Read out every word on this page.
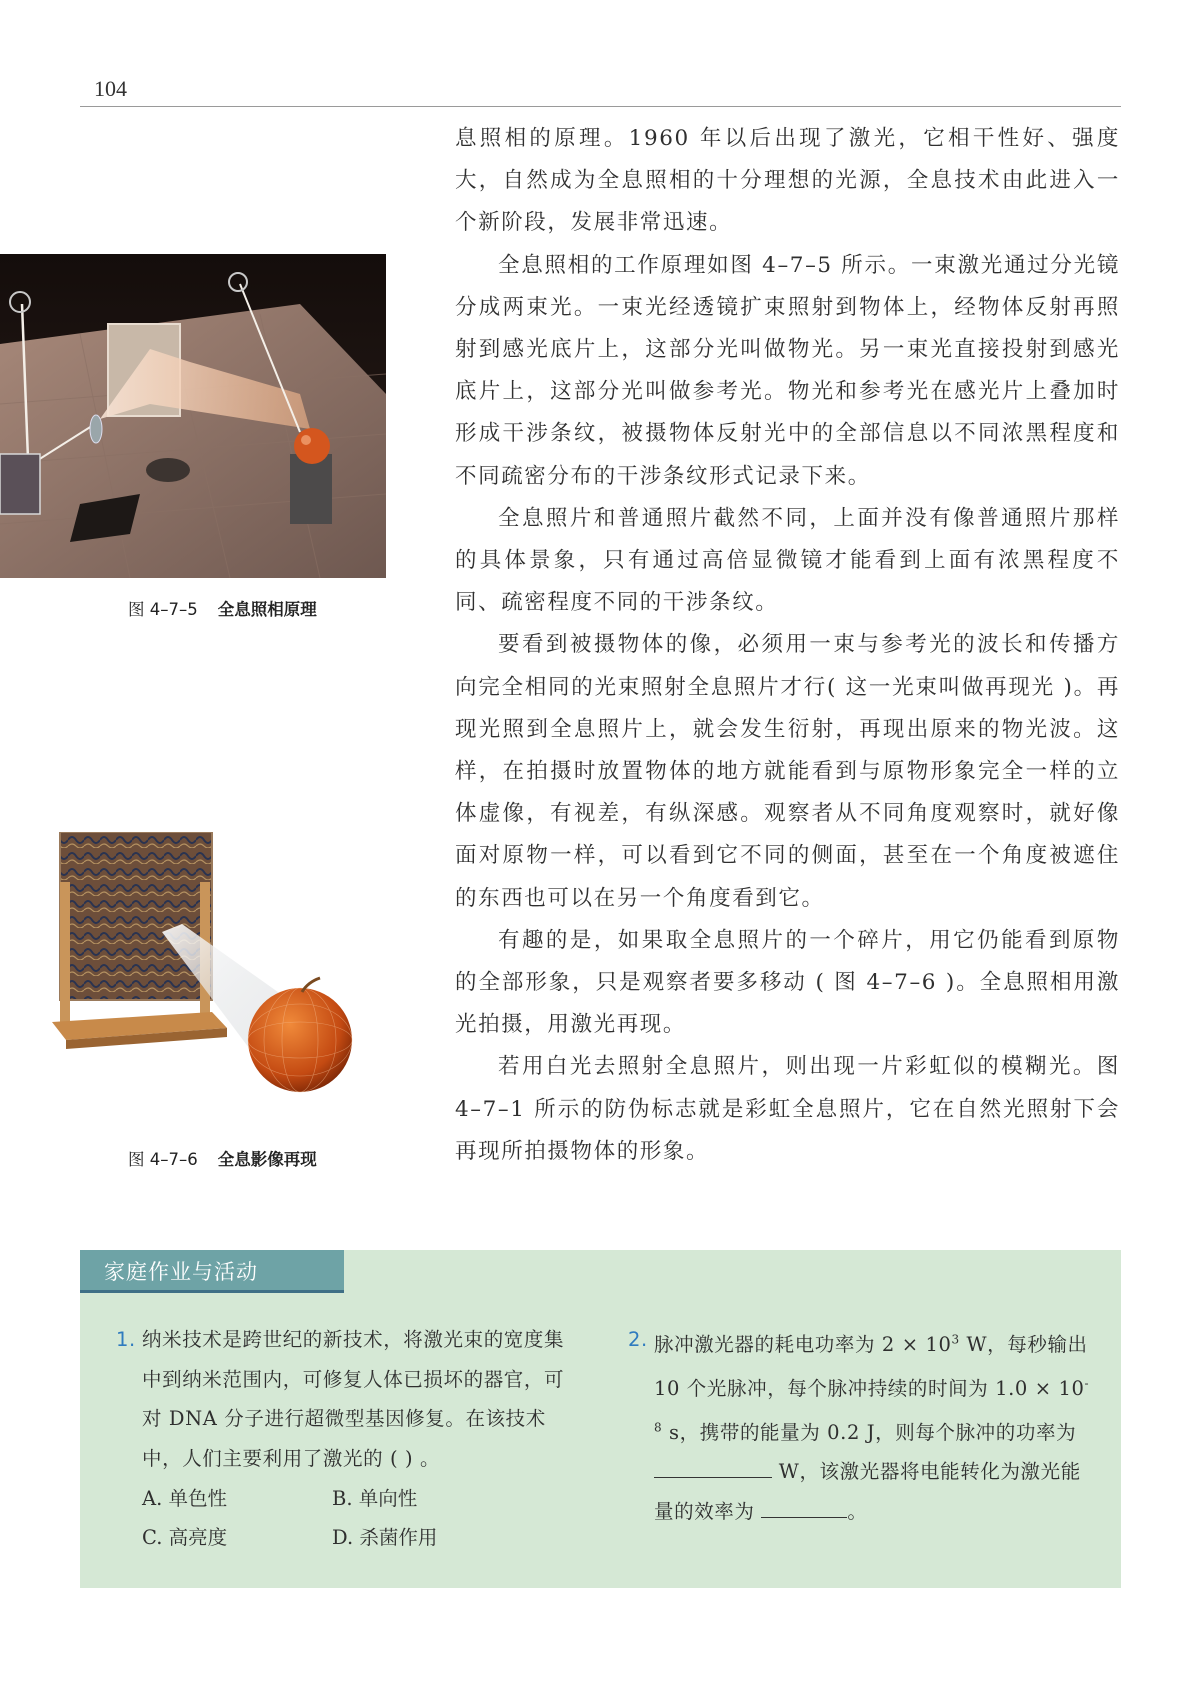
104

息照相的原理。1960 年以后出现了激光，它相干性好、强度大，自然成为全息照相的十分理想的光源，全息技术由此进入一个新阶段，发展非常迅速。

全息照相的工作原理如图 4–7–5 所示。一束激光通过分光镜分成两束光。一束光经透镜扩束照射到物体上，经物体反射再照射到感光底片上，这部分光叫做物光。另一束光直接投射到感光底片上，这部分光叫做参考光。物光和参考光在感光片上叠加时形成干涉条纹，被摄物体反射光中的全部信息以不同浓黑程度和不同疏密分布的干涉条纹形式记录下来。

全息照片和普通照片截然不同，上面并没有像普通照片那样的具体景象，只有通过高倍显微镜才能看到上面有浓黑程度不同、疏密程度不同的干涉条纹。

要看到被摄物体的像，必须用一束与参考光的波长和传播方向完全相同的光束照射全息照片才行( 这一光束叫做再现光 )。再现光照到全息照片上，就会发生衍射，再现出原来的物光波。这样，在拍摄时放置物体的地方就能看到与原物形象完全一样的立体虚像，有视差，有纵深感。观察者从不同角度观察时，就好像面对原物一样，可以看到它不同的侧面，甚至在一个角度被遮住的东西也可以在另一个角度看到它。

有趣的是，如果取全息照片的一个碎片，用它仍能看到原物的全部形象，只是观察者要多移动 ( 图 4–7–6 )。全息照相用激光拍摄，用激光再现。

若用白光去照射全息照片，则出现一片彩虹似的模糊光。图 4–7–1 所示的防伪标志就是彩虹全息照片，它在自然光照射下会再现所拍摄物体的形象。

图 4–7–5 全息照相原理
图 4–7–6 全息影像再现
家庭作业与活动
1. 纳米技术是跨世纪的新技术，将激光束的宽度集中到纳米范围内，可修复人体已损坏的器官，可对 DNA 分子进行超微型基因修复。在该技术中，人们主要利用了激光的 ( ) 。
A. 单色性	B. 单向性
C. 高亮度	D. 杀菌作用
2. 脉冲激光器的耗电功率为 $2 \times 10^3$ W，每秒输出 10 个光脉冲，每个脉冲持续的时间为 $1.0 \times 10^{-8}$ s，携带的能量为 0.2 J，则每个脉冲的功率为  W，该激光器将电能转化为激光能量的效率为	。
